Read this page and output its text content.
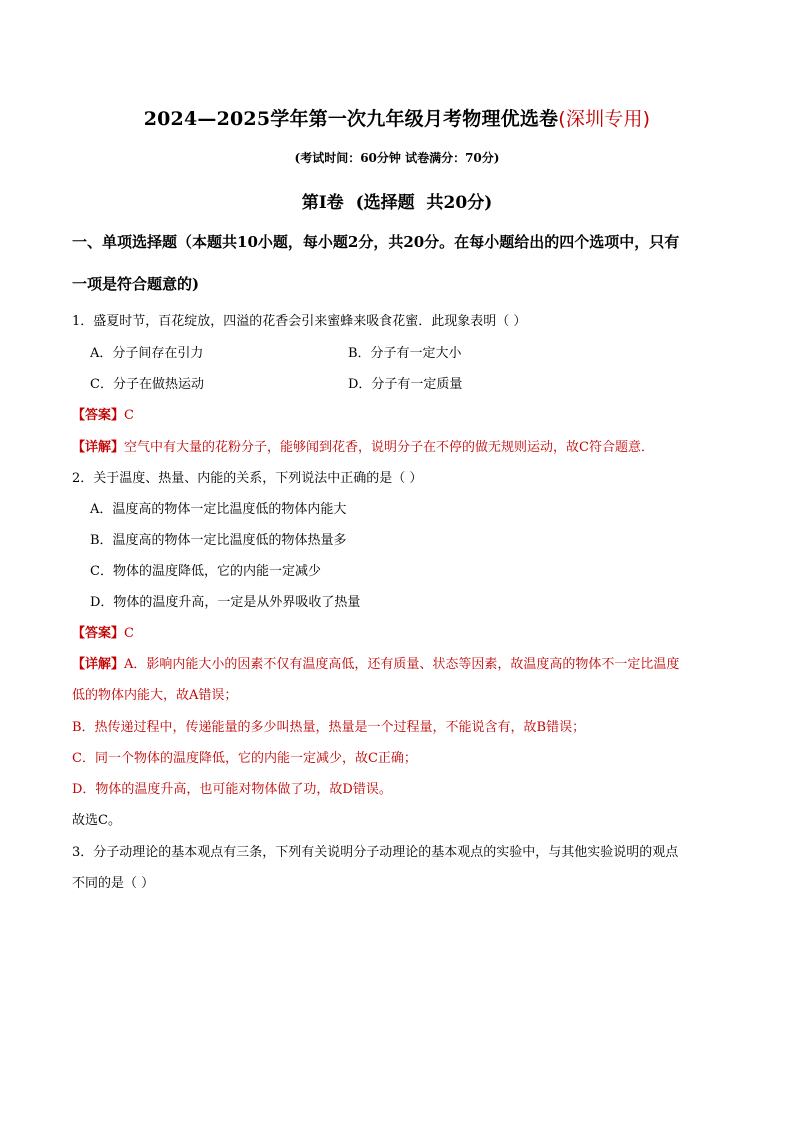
2024—2025学年第一次九年级月考物理优选卷(深圳专用)
(考试时间：60分钟 试卷满分：70分)
第Ⅰ卷 (选择题 共20分)
一、单项选择题（本题共10小题，每小题2分，共20分。在每小题给出的四个选项中，只有
一项是符合题意的)
1．盛夏时节，百花绽放，四溢的花香会引来蜜蜂来吸食花蜜．此现象表明（ ）
A．分子间存在引力	B．分子有一定大小
C．分子在做热运动	D．分子有一定质量
【答案】C
【详解】空气中有大量的花粉分子，能够闻到花香，说明分子在不停的做无规则运动，故C符合题意．
2．关于温度、热量、内能的关系，下列说法中正确的是（ ）
A．温度高的物体一定比温度低的物体内能大
B．温度高的物体一定比温度低的物体热量多
C．物体的温度降低，它的内能一定减少
D．物体的温度升高，一定是从外界吸收了热量
【答案】C
【详解】A．影响内能大小的因素不仅有温度高低，还有质量、状态等因素，故温度高的物体不一定比温度
低的物体内能大，故A错误；
B．热传递过程中，传递能量的多少叫热量，热量是一个过程量，不能说含有，故B错误；
C．同一个物体的温度降低，它的内能一定减少，故C正确；
D．物体的温度升高，也可能对物体做了功，故D错误。
故选C。
3．分子动理论的基本观点有三条，下列有关说明分子动理论的基本观点的实验中，与其他实验说明的观点
不同的是（ ）
